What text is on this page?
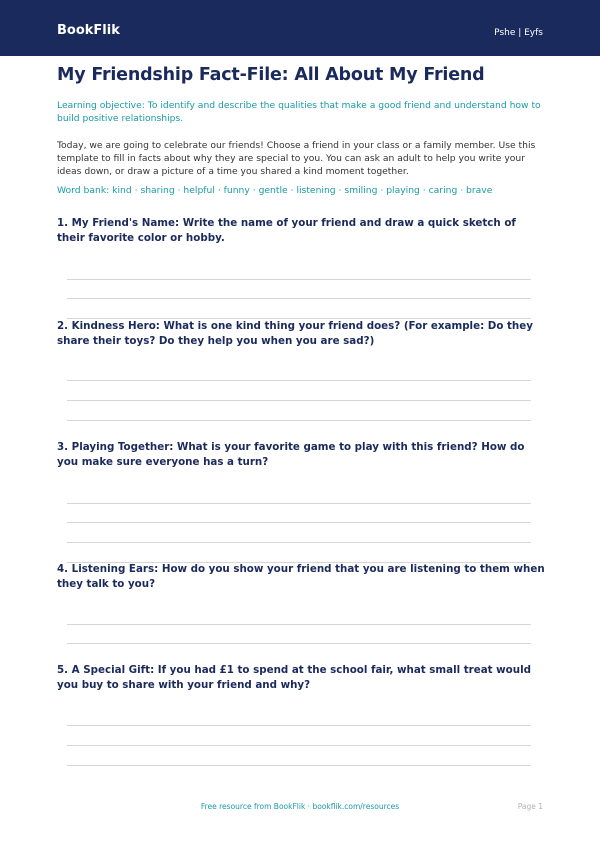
BookFlik	Pshe | Eyfs
My Friendship Fact-File: All About My Friend

Learning objective: To identify and describe the qualities that make a good friend and understand how to build positive relationships.

Today, we are going to celebrate our friends! Choose a friend in your class or a family member. Use this template to fill in facts about why they are special to you. You can ask an adult to help you write your ideas down, or draw a picture of a time you shared a kind moment together.

Word bank: kind · sharing · helpful · funny · gentle · listening · smiling · playing · caring · brave

1. My Friend's Name: Write the name of your friend and draw a quick sketch of their favorite color or hobby.

2. Kindness Hero: What is one kind thing your friend does? (For example: Do they share their toys? Do they help you when you are sad?)

3. Playing Together: What is your favorite game to play with this friend? How do you make sure everyone has a turn?

4. Listening Ears: How do you show your friend that you are listening to them when they talk to you?

5. A Special Gift: If you had £1 to spend at the school fair, what small treat would you buy to share with your friend and why?

Free resource from BookFlik · bookflik.com/resources	Page 1
